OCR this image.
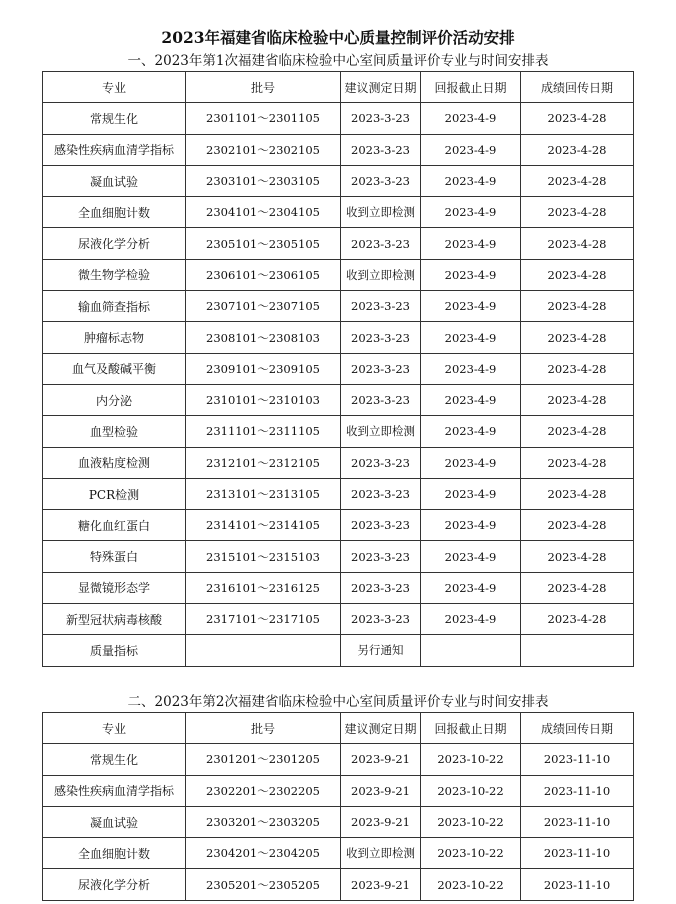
2023年福建省临床检验中心质量控制评价活动安排
一、2023年第1次福建省临床检验中心室间质量评价专业与时间安排表
专业	批号	建议测定日期	回报截止日期	成绩回传日期
常规生化	2301101～2301105	2023-3-23	2023-4-9	2023-4-28
感染性疾病血清学指标	2302101～2302105	2023-3-23	2023-4-9	2023-4-28
凝血试验	2303101～2303105	2023-3-23	2023-4-9	2023-4-28
全血细胞计数	2304101～2304105	收到立即检测	2023-4-9	2023-4-28
尿液化学分析	2305101～2305105	2023-3-23	2023-4-9	2023-4-28
微生物学检验	2306101～2306105	收到立即检测	2023-4-9	2023-4-28
输血筛查指标	2307101～2307105	2023-3-23	2023-4-9	2023-4-28
肿瘤标志物	2308101～2308103	2023-3-23	2023-4-9	2023-4-28
血气及酸碱平衡	2309101～2309105	2023-3-23	2023-4-9	2023-4-28
内分泌	2310101～2310103	2023-3-23	2023-4-9	2023-4-28
血型检验	2311101～2311105	收到立即检测	2023-4-9	2023-4-28
血液粘度检测	2312101～2312105	2023-3-23	2023-4-9	2023-4-28
PCR检测	2313101～2313105	2023-3-23	2023-4-9	2023-4-28
糖化血红蛋白	2314101～2314105	2023-3-23	2023-4-9	2023-4-28
特殊蛋白	2315101～2315103	2023-3-23	2023-4-9	2023-4-28
显微镜形态学	2316101～2316125	2023-3-23	2023-4-9	2023-4-28
新型冠状病毒核酸	2317101～2317105	2023-3-23	2023-4-9	2023-4-28
质量指标		另行通知		
二、2023年第2次福建省临床检验中心室间质量评价专业与时间安排表
专业	批号	建议测定日期	回报截止日期	成绩回传日期
常规生化	2301201～2301205	2023-9-21	2023-10-22	2023-11-10
感染性疾病血清学指标	2302201～2302205	2023-9-21	2023-10-22	2023-11-10
凝血试验	2303201～2303205	2023-9-21	2023-10-22	2023-11-10
全血细胞计数	2304201～2304205	收到立即检测	2023-10-22	2023-11-10
尿液化学分析	2305201～2305205	2023-9-21	2023-10-22	2023-11-10
